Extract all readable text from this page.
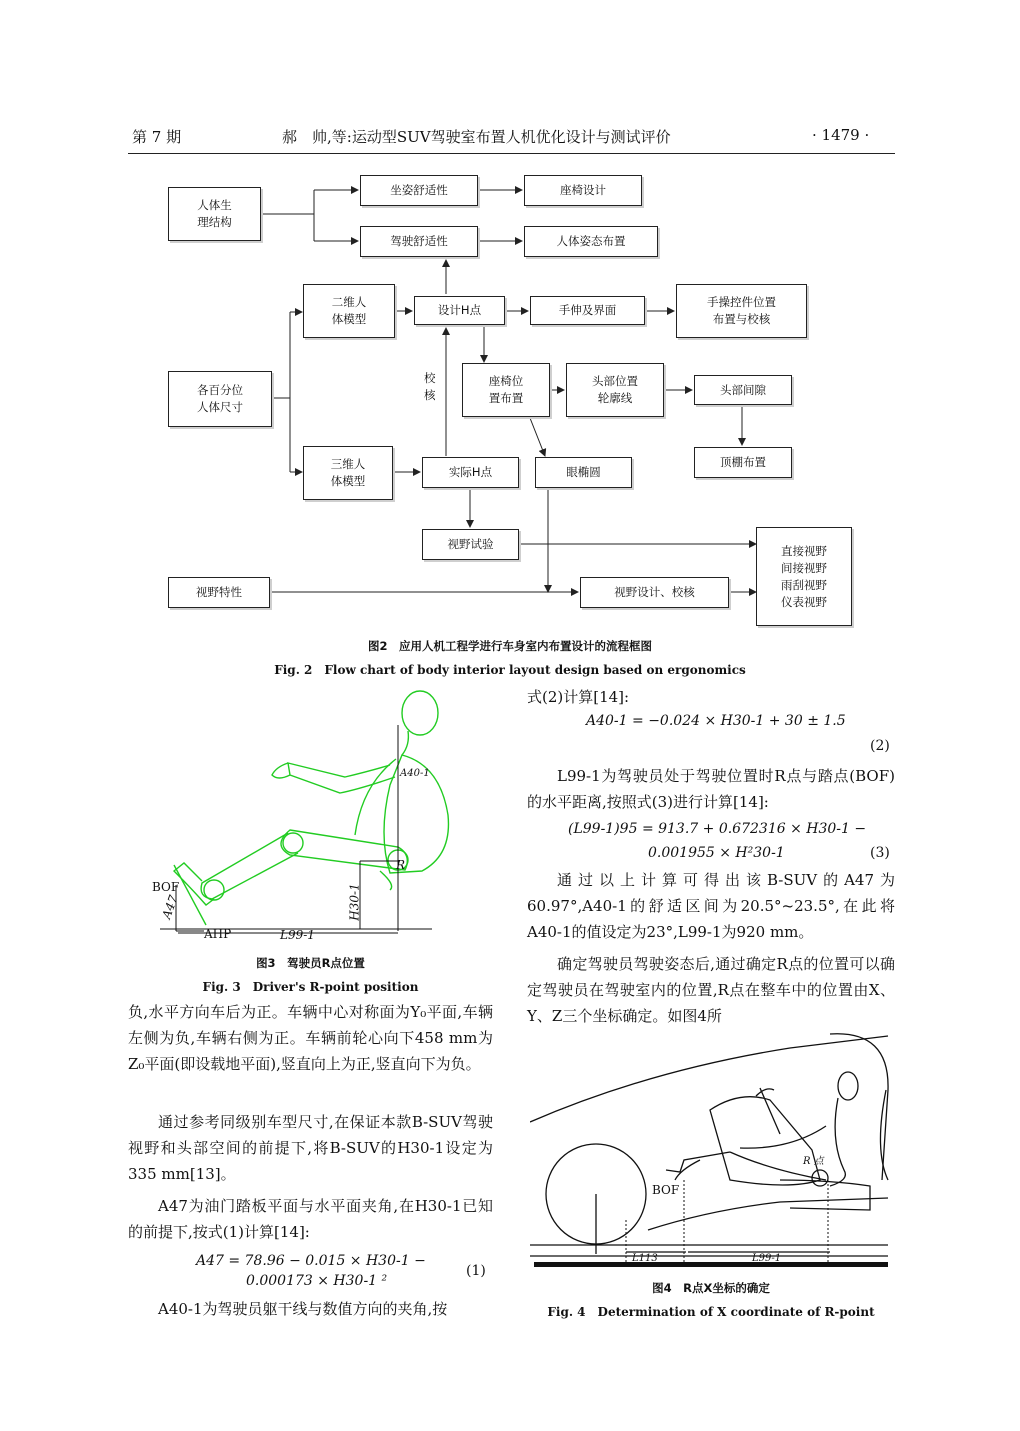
第 7 期	郝　帅,等:运动型SUV驾驶室布置人机优化设计与测试评价	· 1479 ·
人体生
理结构
坐姿舒适性	座椅设计
驾驶舒适性	人体姿态布置
二维人
体模型
设计H点	手伸及界面
手操控件位置
布置与校核
各百分位
人体尺寸
校
核
座椅位
置布置
头部位置
轮廓线
头部间隙
顶棚布置
三维人
体模型
实际H点	眼椭圆
视野试验
视野特性	视野设计、校核
直接视野
间接视野
雨刮视野
仪表视野
图2　应用人机工程学进行车身室内布置设计的流程框图
Fig. 2　Flow chart of body interior layout design based on ergonomics
BOF
A47
AHP	L99-1
H30-1
R
A40-1
图3　驾驶员R点位置
Fig. 3　Driver's R-point position
负,水平方向车后为正。车辆中心对称面为Y₀平面,车辆左侧为负,车辆右侧为正。车辆前轮心向下458 mm为Z₀平面(即设载地平面),竖直向上为正,竖直向下为负。
通过参考同级别车型尺寸,在保证本款B-SUV驾驶视野和头部空间的前提下,将B-SUV的H30-1设定为335 mm[13]。
A47为油门踏板平面与水平面夹角,在H30-1已知的前提下,按式(1)计算[14]:
A47 = 78.96 − 0.015 × H30-1 −
0.000173 × H30-1 ²
(1)
A40-1为驾驶员躯干线与数值方向的夹角,按
式(2)计算[14]:
A40-1 = −0.024 × H30-1 + 30 ± 1.5
(2)
L99-1为驾驶员处于驾驶位置时R点与踏点(BOF)的水平距离,按照式(3)进行计算[14]:
(L99-1)95 = 913.7 + 0.672316 × H30-1 −
0.001955 × H²30-1	(3)
通过以上计算可得出该B-SUV的A47为60.97°,A40-1的舒适区间为20.5°~23.5°,在此将A40-1的值设定为23°,L99-1为920 mm。
确定驾驶员驾驶姿态后,通过确定R点的位置可以确定驾驶员在驾驶室内的位置,R点在整车中的位置由X、Y、Z三个坐标确定。如图4所
BOF
R 点
L113	L99-1
图4　R点X坐标的确定
Fig. 4　Determination of X coordinate of R-point
